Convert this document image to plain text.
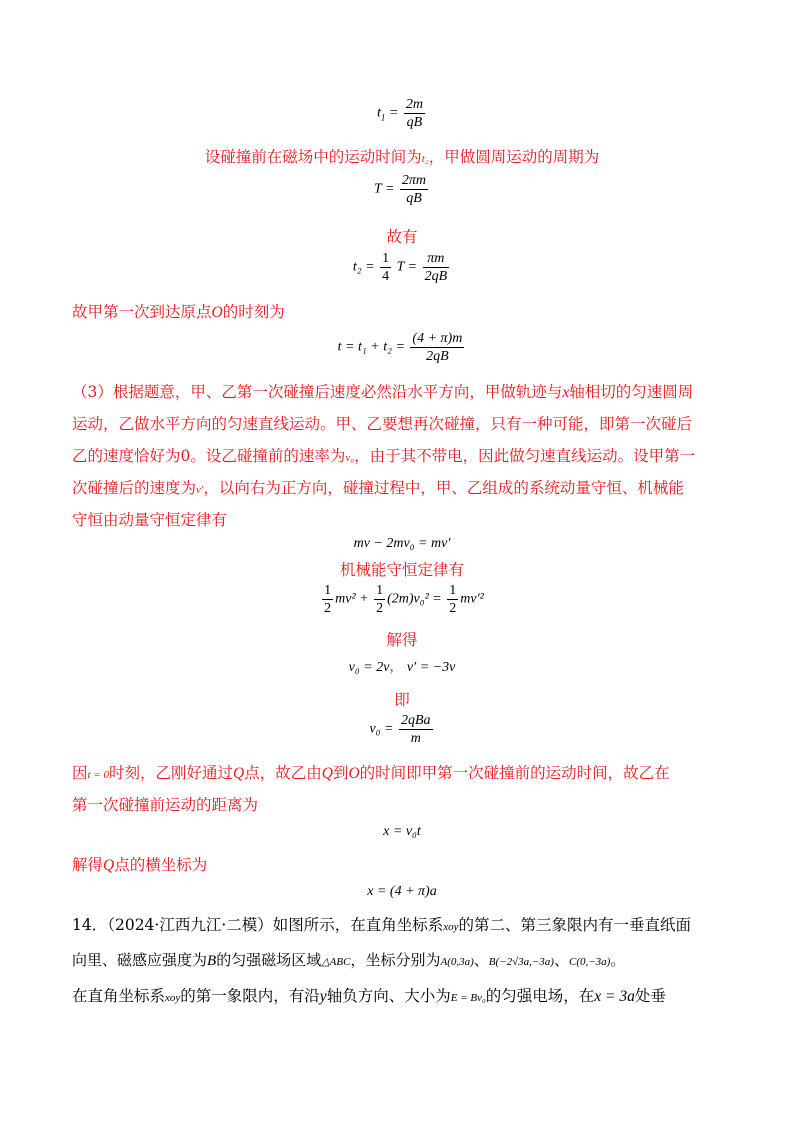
$t_1 = \frac{2m}{qB}$
设碰撞前在磁场中的运动时间为t₂，甲做圆周运动的周期为
$T = \frac{2\pi m}{qB}$
故有
$t_2 = \frac{1}{4}$ $T = \frac{\pi m}{2qB}$
故甲第一次到达原点O的时刻为
$t = t_1 + t_2 = \frac{(4 + \pi)m}{2qB}$
（3）根据题意，甲、乙第一次碰撞后速度必然沿水平方向，甲做轨迹与x轴相切的匀速圆周
运动，乙做水平方向的匀速直线运动。甲、乙要想再次碰撞，只有一种可能，即第一次碰后
乙的速度恰好为0。设乙碰撞前的速率为v₀，由于其不带电，因此做匀速直线运动。设甲第一
次碰撞后的速度为v′，以向右为正方向，碰撞过程中，甲、乙组成的系统动量守恒、机械能
守恒由动量守恒定律有
mv − 2mv₀ = mv′
机械能守恒定律有
$\frac{1}{2} mv^2 + \frac{1}{2} (2m)v_0^2 = \frac{1}{2} mv'^2$
解得
v₀ = 2v， v′ = −3v
即
$v_0 = \frac{\text{2qBa}}{m}$
因t = 0时刻，乙刚好通过Q点，故乙由Q到O的时间即甲第一次碰撞前的运动时间，故乙在
第一次碰撞前运动的距离为
x = v₀t
解得Q点的横坐标为
x = (4 + π)a
14．（2024·江西九江·二模）如图所示，在直角坐标系xoy的第二、第三象限内有一垂直纸面
向里、磁感应强度为B的匀强磁场区域△ABC，坐标分别为A(0,3a)、B(−2√3a,−3a)、C(0,−3a)。
在直角坐标系xoy的第一象限内，有沿y轴负方向、大小为E = Bv₀的匀强电场，在x = 3a处垂
